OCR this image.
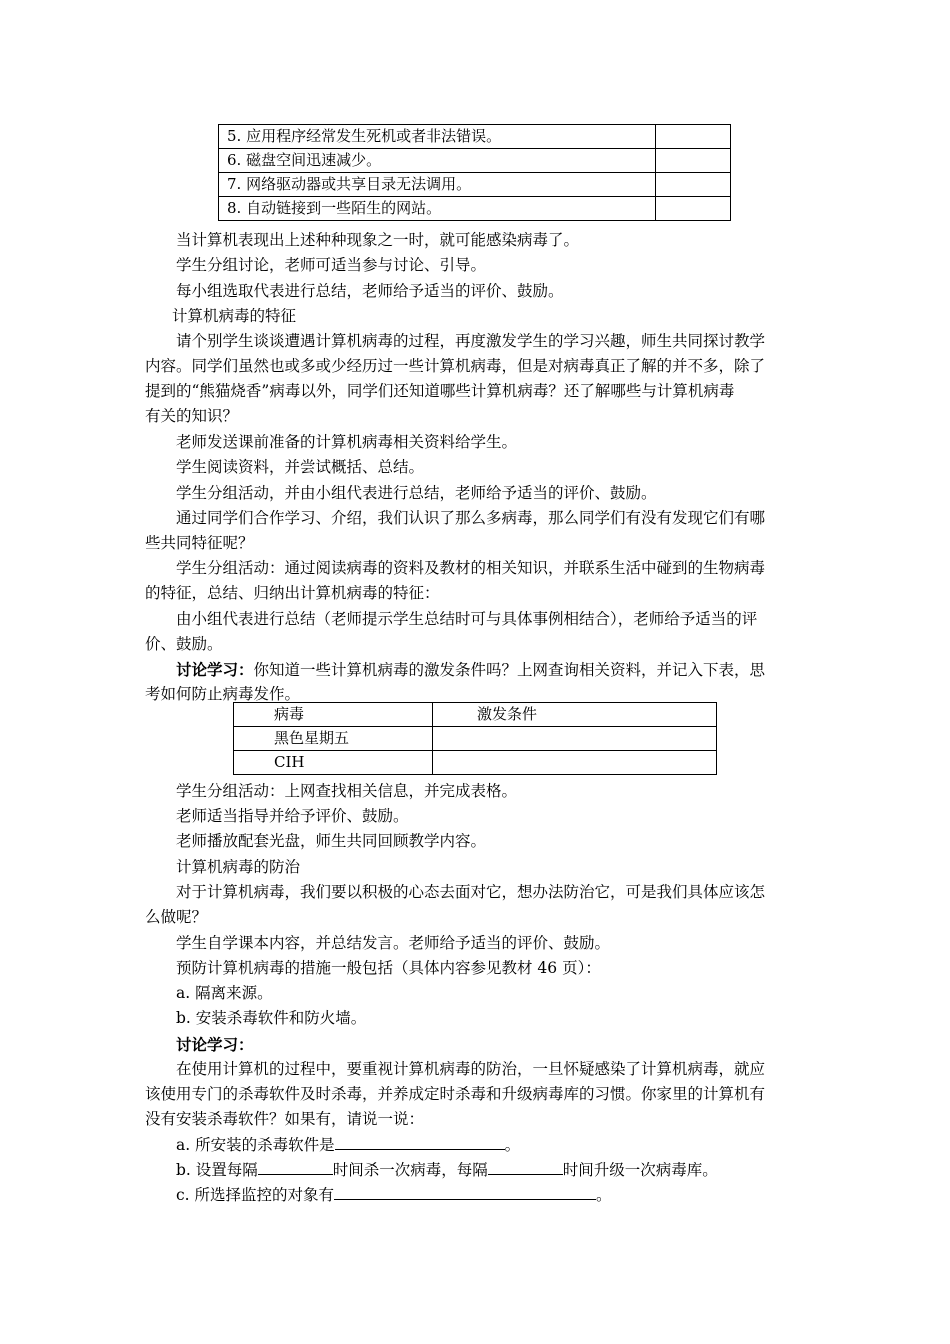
5. 应用程序经常发生死机或者非法错误。	
6. 磁盘空间迅速减少。	
7. 网络驱动器或共享目录无法调用。	
8. 自动链接到一些陌生的网站。	
当计算机表现出上述种种现象之一时，就可能感染病毒了。
学生分组讨论，老师可适当参与讨论、引导。
每小组选取代表进行总结，老师给予适当的评价、鼓励。
计算机病毒的特征
请个别学生谈谈遭遇计算机病毒的过程，再度激发学生的学习兴趣，师生共同探讨教学
内容。同学们虽然也或多或少经历过一些计算机病毒，但是对病毒真正了解的并不多，除了
提到的“熊猫烧香”病毒以外，同学们还知道哪些计算机病毒？还了解哪些与计算机病毒
有关的知识？
老师发送课前准备的计算机病毒相关资料给学生。
学生阅读资料，并尝试概括、总结。
学生分组活动，并由小组代表进行总结，老师给予适当的评价、鼓励。
通过同学们合作学习、介绍，我们认识了那么多病毒，那么同学们有没有发现它们有哪
些共同特征呢？
学生分组活动：通过阅读病毒的资料及教材的相关知识，并联系生活中碰到的生物病毒
的特征，总结、归纳出计算机病毒的特征：
由小组代表进行总结（老师提示学生总结时可与具体事例相结合），老师给予适当的评
价、鼓励。
讨论学习：你知道一些计算机病毒的激发条件吗？上网查询相关资料，并记入下表，思
考如何防止病毒发作。
病毒	激发条件
黑色星期五	
CIH	
学生分组活动：上网查找相关信息，并完成表格。
老师适当指导并给予评价、鼓励。
老师播放配套光盘，师生共同回顾教学内容。
计算机病毒的防治
对于计算机病毒，我们要以积极的心态去面对它，想办法防治它，可是我们具体应该怎
么做呢？
学生自学课本内容，并总结发言。老师给予适当的评价、鼓励。
预防计算机病毒的措施一般包括（具体内容参见教材 46 页）：
a. 隔离来源。
b. 安装杀毒软件和防火墙。
讨论学习：
在使用计算机的过程中，要重视计算机病毒的防治，一旦怀疑感染了计算机病毒，就应
该使用专门的杀毒软件及时杀毒，并养成定时杀毒和升级病毒库的习惯。你家里的计算机有
没有安装杀毒软件？如果有，请说一说：
a. 所安装的杀毒软件是	。
b. 设置每隔	时间杀一次病毒，每隔	时间升级一次病毒库。
c. 所选择监控的对象有	。
